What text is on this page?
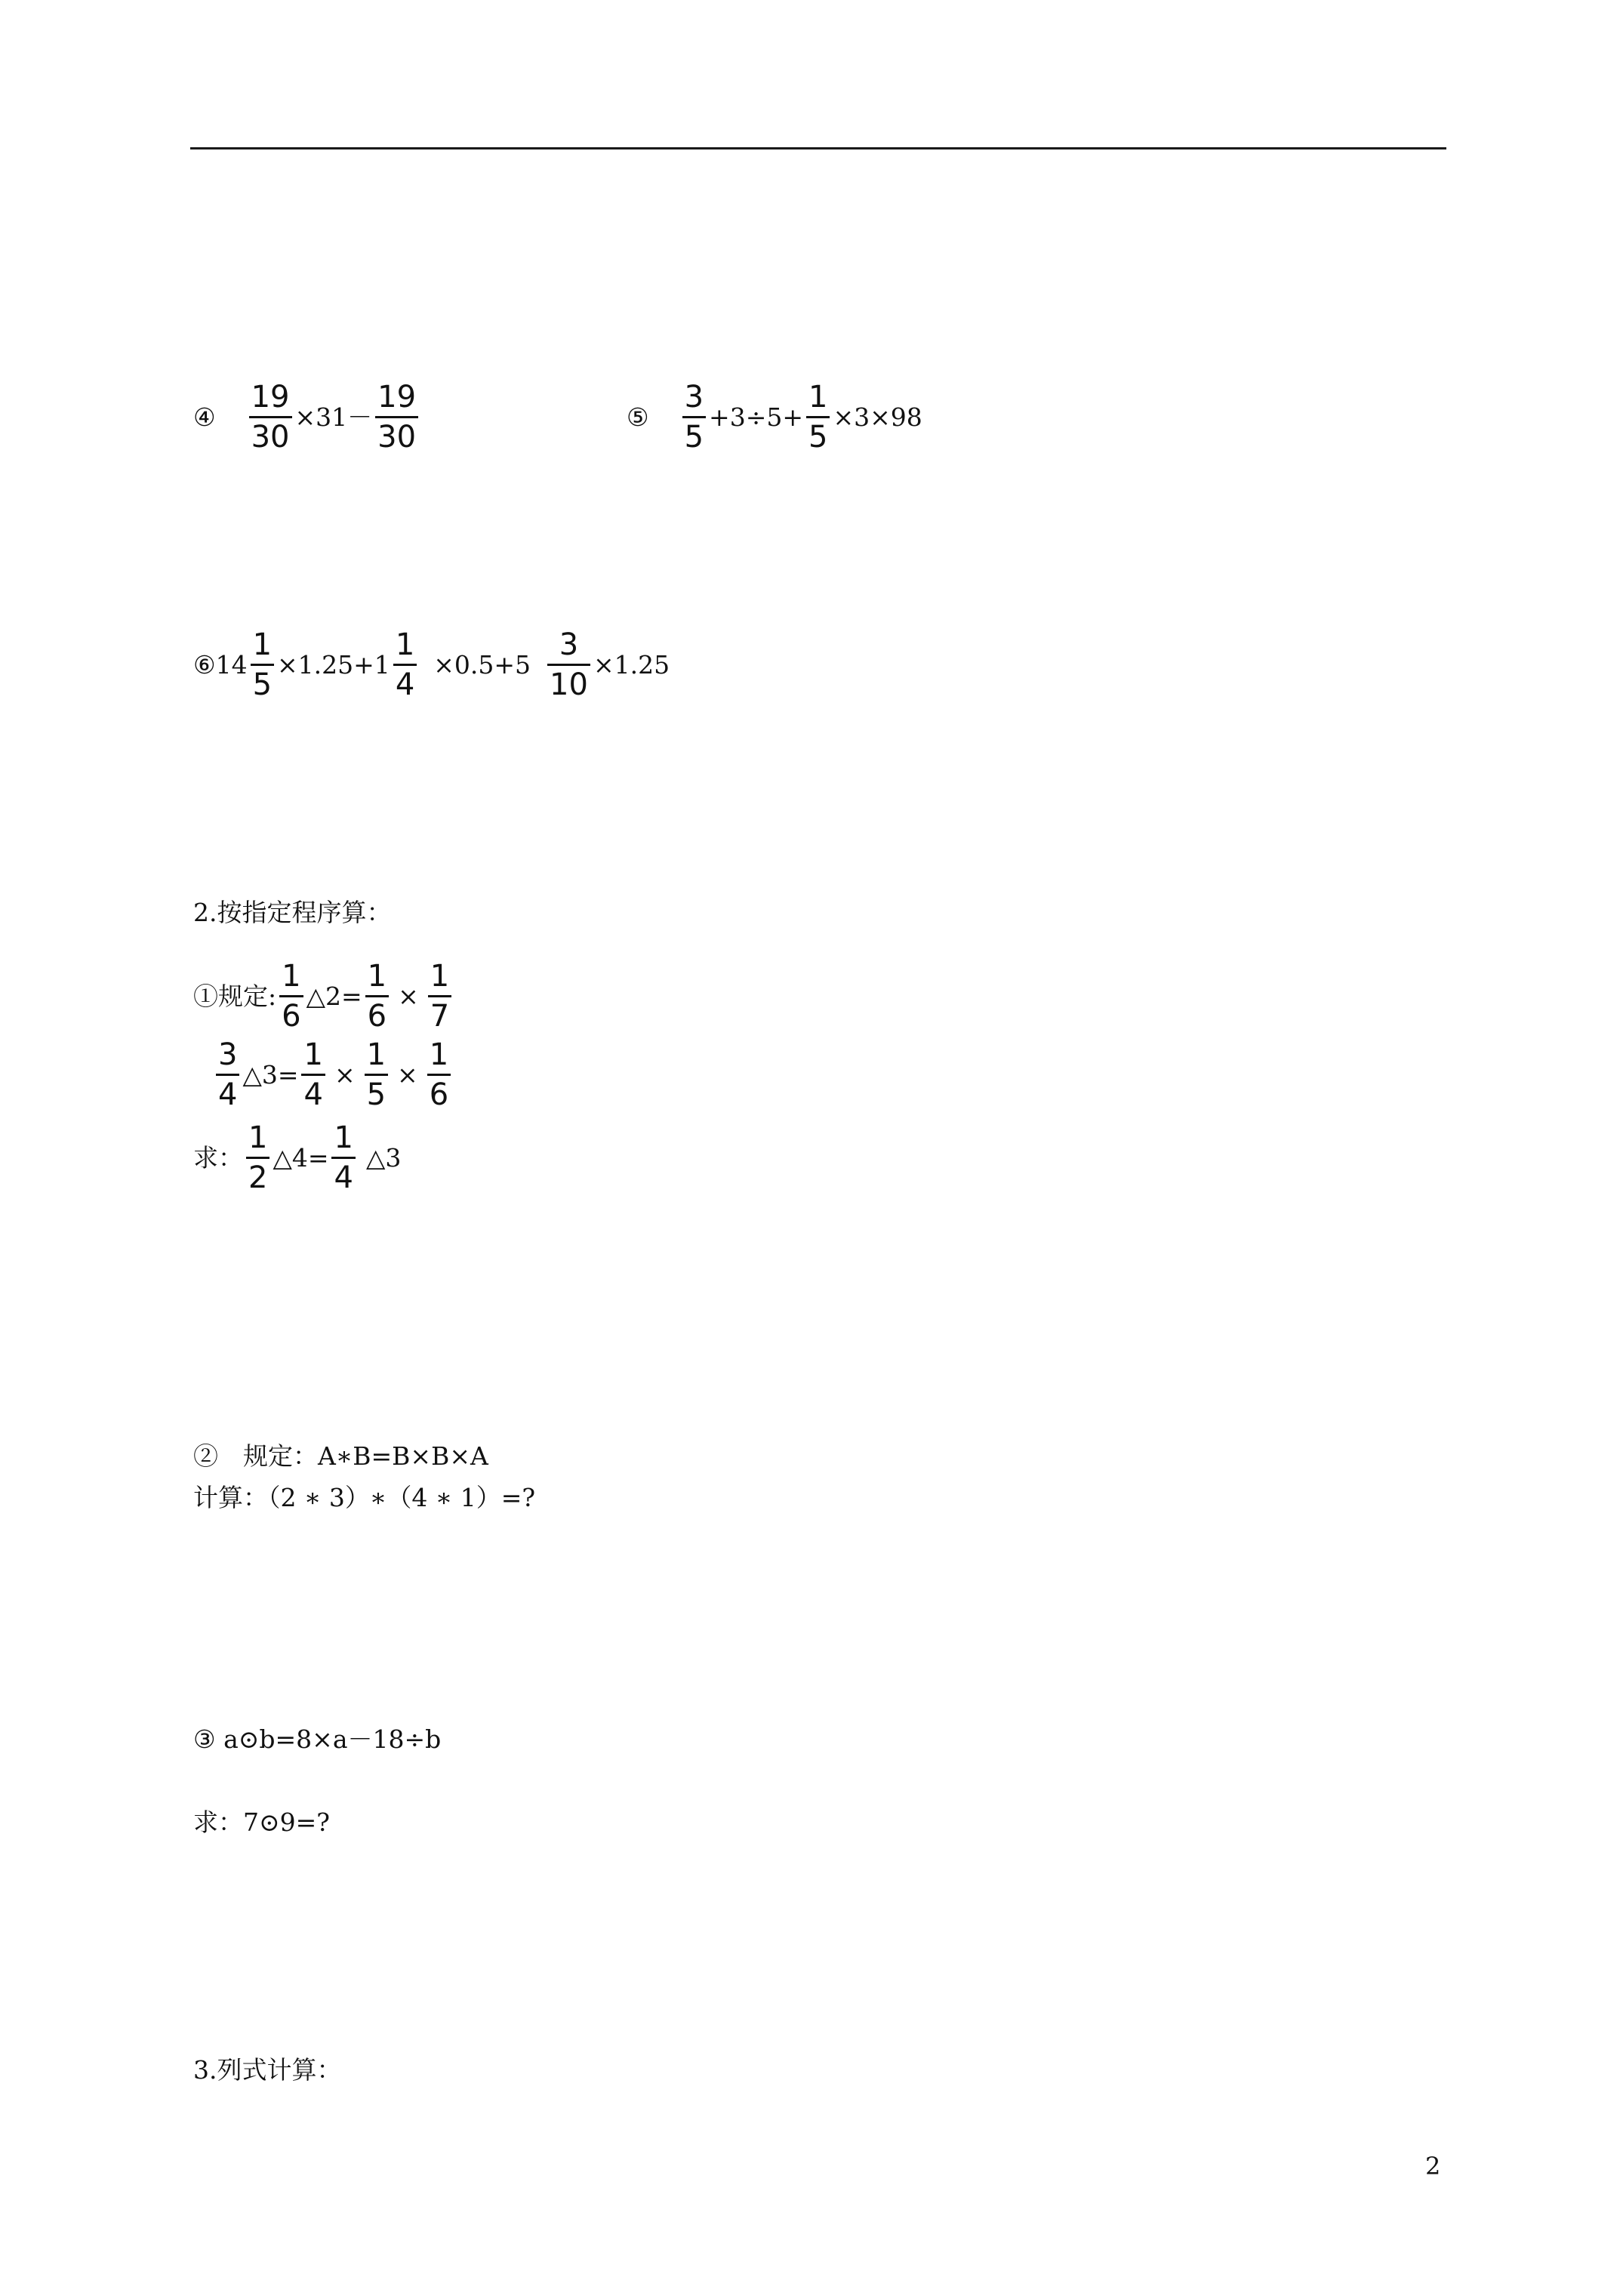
④ $\frac{19}{30} \times 31- \frac{19}{30}$	⑤ $\frac{3}{5} +3\div 5+ \frac{1}{5} \times 3\times 98$
⑥14 $\frac{1}{5} \times 1.25+1 \frac{1}{4} \times 0.5+5 \frac{3}{10} \times 1.25$
2.按指定程序算：
①规定: $\frac{1}{6}$ △2= $\frac{1}{6} \times \frac{1}{7}$
$\frac{3}{4}$ △3= $\frac{1}{4} \times \frac{1}{5} \times \frac{1}{6}$
求： $\frac{1}{2}$ △4= $\frac{1}{4}$ △3
②　规定：A∗B=B×B×A
计算：（2 ∗ 3）∗（4 ∗ 1）=?
③ a⊙b=8×a－18÷b
求：7⊙9=?
3.列式计算：
2
